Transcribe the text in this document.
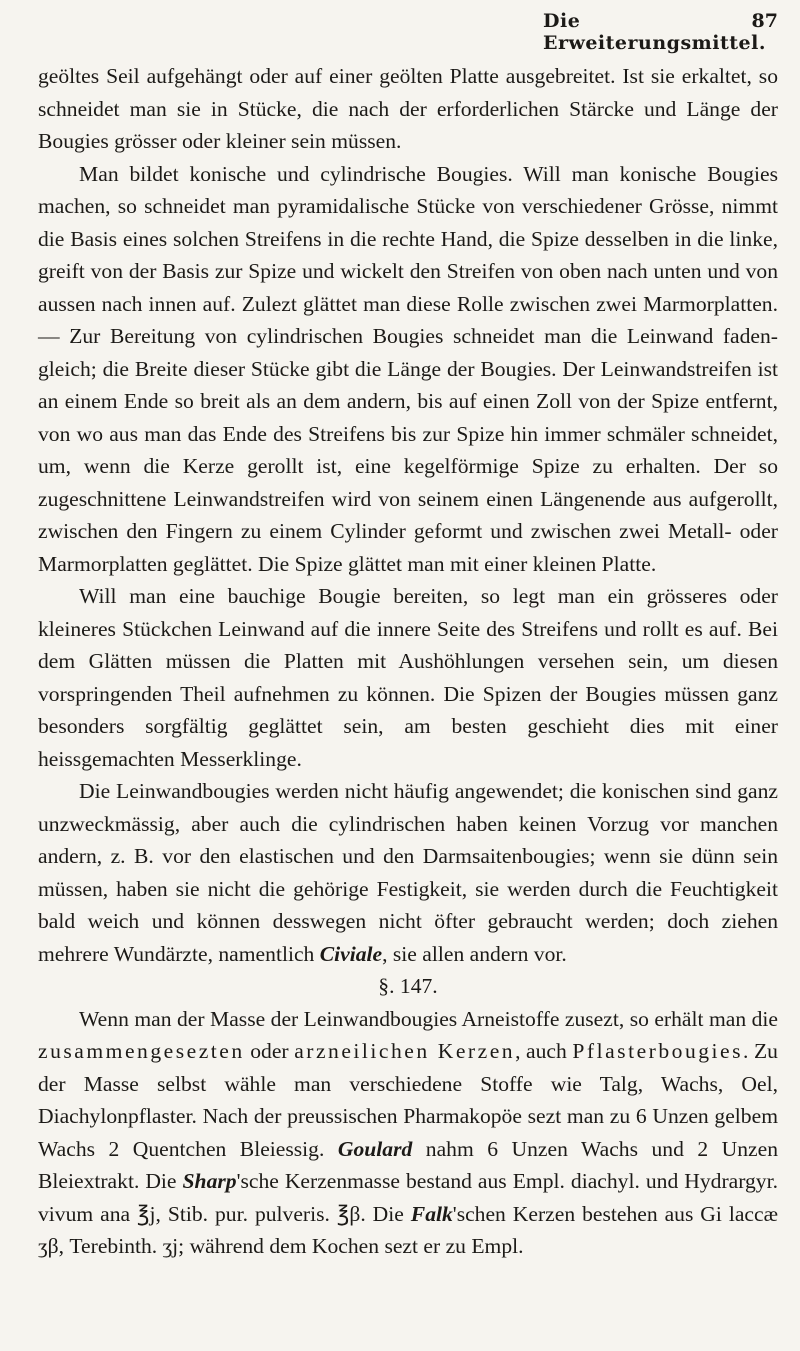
Die Erweiterungsmittel.
87

geöltes Seil aufgehängt oder auf einer geölten Platte ausgebreitet. Ist sie erkaltet, so schneidet man sie in Stücke, die nach der erforderlichen Stärcke und Länge der Bougies grösser oder kleiner sein müssen.

Man bildet konische und cylindrische Bougies. Will man konische Bougies machen, so schneidet man pyramidalische Stücke von verschiedener Grösse, nimmt die Basis eines solchen Streifens in die rechte Hand, die Spize desselben in die linke, greift von der Basis zur Spize und wickelt den Streifen von oben nach unten und von aussen nach innen auf. Zulezt glättet man diese Rolle zwischen zwei Marmorplatten. — Zur Bereitung von cylindrischen Bougies schneidet man die Leinwand faden-gleich; die Breite dieser Stücke gibt die Länge der Bougies. Der Leinwandstreifen ist an einem Ende so breit als an dem andern, bis auf einen Zoll von der Spize entfernt, von wo aus man das Ende des Streifens bis zur Spize hin immer schmäler schneidet, um, wenn die Kerze gerollt ist, eine kegelförmige Spize zu erhalten. Der so zugeschnittene Leinwandstreifen wird von seinem einen Längenende aus aufgerollt, zwischen den Fingern zu einem Cylinder geformt und zwischen zwei Metall- oder Marmorplatten geglättet. Die Spize glättet man mit einer kleinen Platte.

Will man eine bauchige Bougie bereiten, so legt man ein grösseres oder kleineres Stückchen Leinwand auf die innere Seite des Streifens und rollt es auf. Bei dem Glätten müssen die Platten mit Aushöhlungen versehen sein, um diesen vorspringenden Theil aufnehmen zu können. Die Spizen der Bougies müssen ganz besonders sorgfältig geglättet sein, am besten geschieht dies mit einer heissgemachten Messerklinge.

Die Leinwandbougies werden nicht häufig angewendet; die konischen sind ganz unzweckmässig, aber auch die cylindrischen haben keinen Vorzug vor manchen andern, z. B. vor den elastischen und den Darmsaitenbougies; wenn sie dünn sein müssen, haben sie nicht die gehörige Festigkeit, sie werden durch die Feuchtigkeit bald weich und können desswegen nicht öfter gebraucht werden; doch ziehen mehrere Wundärzte, namentlich Civiale, sie allen andern vor.

§. 147.

Wenn man der Masse der Leinwandbougies Arneistoffe zusezt, so erhält man die zusammengesezten oder arzneilichen Kerzen, auch Pflasterbougies. Zu der Masse selbst wähle man verschiedene Stoffe wie Talg, Wachs, Oel, Diachylonpflaster. Nach der preussischen Pharmakopöe sezt man zu 6 Unzen gelbem Wachs 2 Quentchen Bleiessig. Goulard nahm 6 Unzen Wachs und 2 Unzen Bleiextrakt. Die Sharp'sche Kerzenmasse bestand aus Empl. diachyl. und Hydrargyr. vivum ana ℥j, Stib. pur. pulveris. ℥β. Die Falk'schen Kerzen bestehen aus Gi laccæ ʒβ, Terebinth. ʒj; während dem Kochen sezt er zu Empl.
